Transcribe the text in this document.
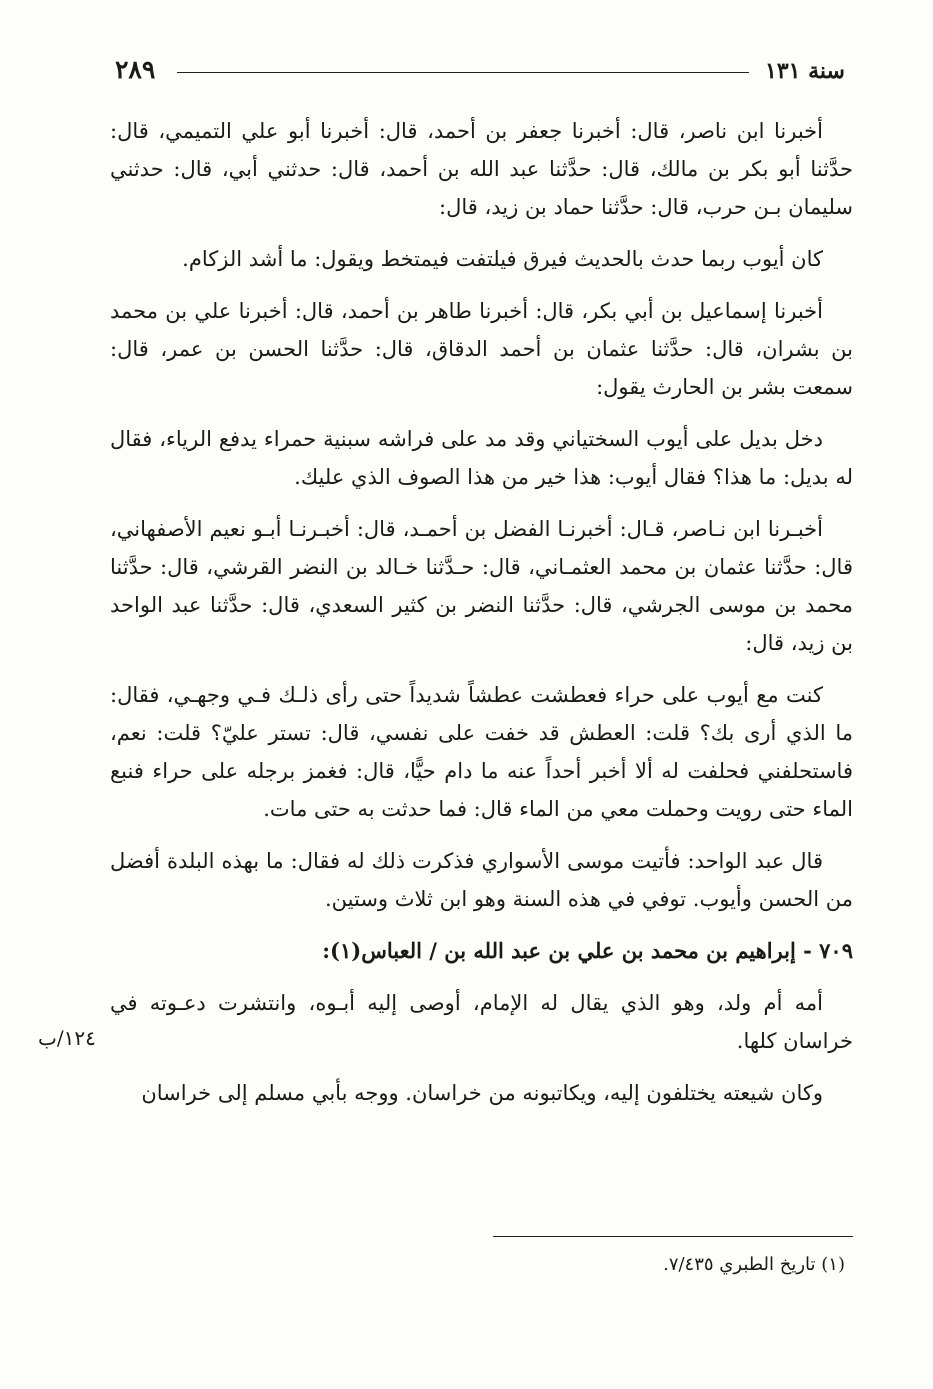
سنة ١٣١
٢٨٩

أخبرنا ابن ناصر، قال: أخبرنا جعفر بن أحمد، قال: أخبرنا أبو علي التميمي، قال: حدَّثنا أبو بكر بن مالك، قال: حدَّثنا عبد الله بن أحمد، قال: حدثني أبي، قال: حدثني سليمان بـن حرب، قال: حدَّثنا حماد بن زيد، قال:

كان أيوب ربما حدث بالحديث فيرق فيلتفت فيمتخط ويقول: ما أشد الزكام.

أخبرنا إسماعيل بن أبي بكر، قال: أخبرنا طاهر بن أحمد، قال: أخبرنا علي بن محمد بن بشران، قال: حدَّثنا عثمان بن أحمد الدقاق، قال: حدَّثنا الحسن بن عمر، قال: سمعت بشر بن الحارث يقول:

دخل بديل على أيوب السختياني وقد مد على فراشه سبنية حمراء يدفع الرياء، فقال له بديل: ما هذا؟ فقال أيوب: هذا خير من هذا الصوف الذي عليك.

أخبـرنا ابن نـاصر، قـال: أخبرنـا الفضل بن أحمـد، قال: أخبـرنـا أبـو نعيم الأصفهاني، قال: حدَّثنا عثمان بن محمد العثمـاني، قال: حـدَّثنا خـالد بن النضر القرشي، قال: حدَّثنا محمد بن موسى الجرشي، قال: حدَّثنا النضر بن كثير السعدي، قال: حدَّثنا عبد الواحد بن زيد، قال:

كنت مع أيوب على حراء فعطشت عطشاً شديداً حتى رأى ذلـك فـي وجهـي، فقال: ما الذي أرى بك؟ قلت: العطش قد خفت على نفسي، قال: تستر عليّ؟ قلت: نعم، فاستحلفني فحلفت له ألا أخبر أحداً عنه ما دام حيًّا، قال: فغمز برجله على حراء فنبع الماء حتى رويت وحملت معي من الماء قال: فما حدثت به حتى مات.

قال عبد الواحد: فأتيت موسى الأسواري فذكرت ذلك له فقال: ما بهذه البلدة أفضل من الحسن وأيوب. توفي في هذه السنة وهو ابن ثلاث وستين.

٧٠٩ - إبراهيم بن محمد بن علي بن عبد الله بن / العباس(١):

أمه أم ولد، وهو الذي يقال له الإمام، أوصى إليه أبـوه، وانتشرت دعـوته في خراسان كلها.

وكان شيعته يختلفون إليه، ويكاتبونه من خراسان. ووجه بأبي مسلم إلى خراسان

١٢٤/ب
(١) تاريخ الطبري ٧/٤٣٥.
